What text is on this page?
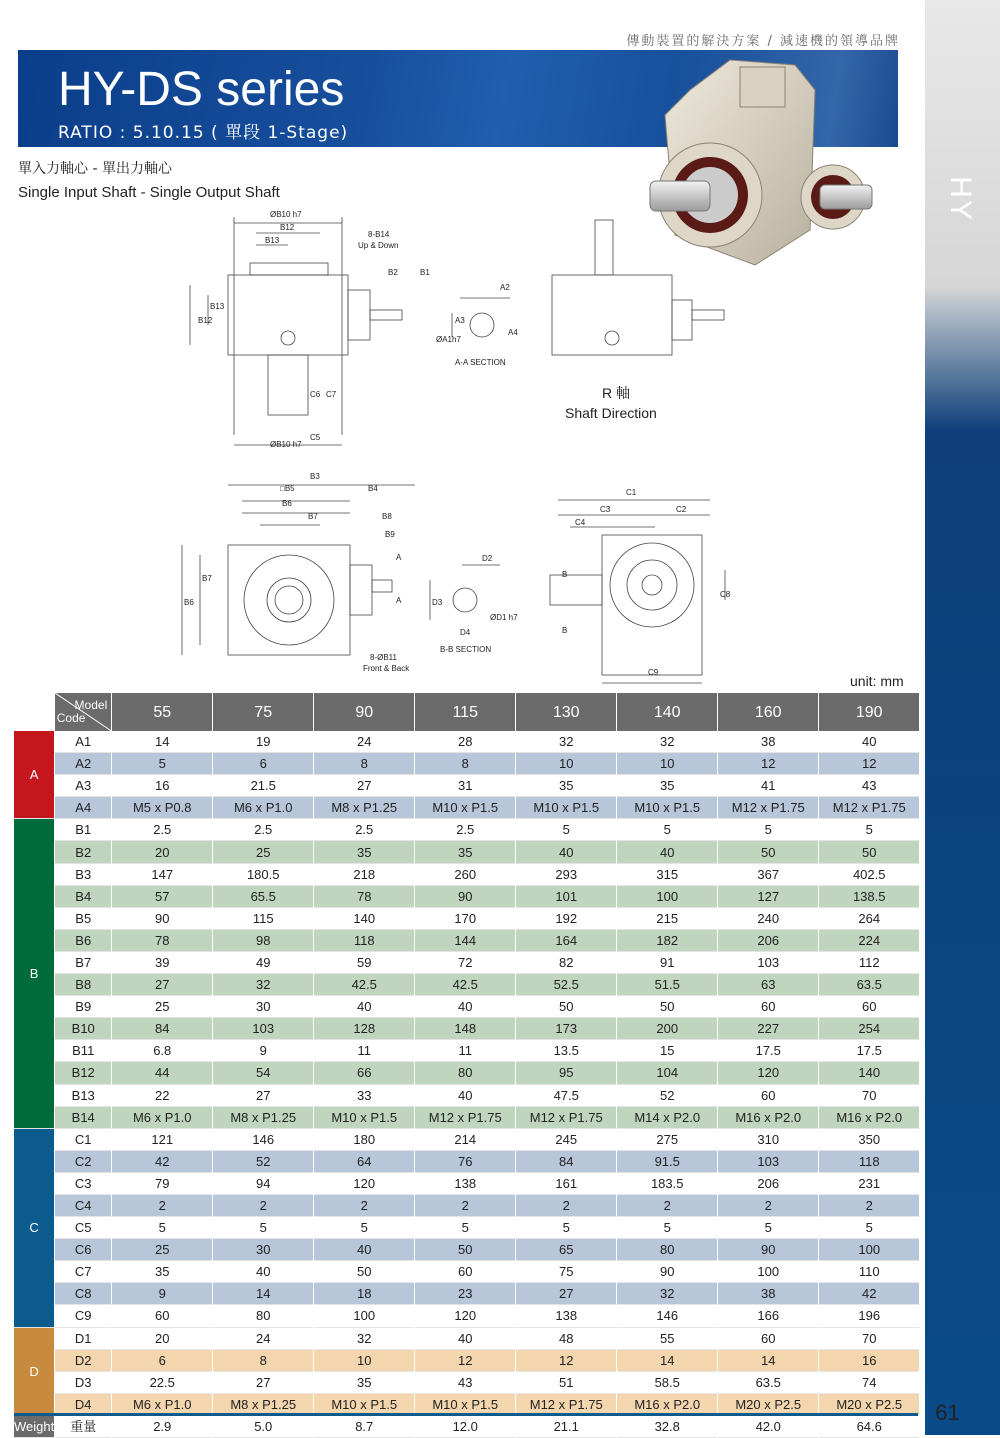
HY
傳動裝置的解決方案 / 減速機的領導品牌
HY-DS series
RATIO : 5.10.15 ( 單段 1-Stage)
單入力軸心 - 單出力軸心
Single Input Shaft - Single Output Shaft
ØB10 h7
B12
B13
8-B14
Up & Down
B2	B1
A2
A3
ØA1h7
A4
A-A SECTION
B12
B13
C6 C7
C5
ØB10 h7
R 軸
Shaft Direction
B3
□B5	B4
B6
B7	B8
B9
A
A
B7
B6
8-ØB11
Front & Back
D2
D3
ØD1 h7
D4
B-B SECTION
C1
C3	C2
C4
B
B
C8
C9
unit: mm

	Model
Code	55	75	90	115	130	140	160	190
A	A1	14	19	24	28	32	32	38	40
	A2	5	6	8	8	10	10	12	12
	A3	16	21.5	27	31	35	35	41	43
	A4	M5 x P0.8	M6 x P1.0	M8 x P1.25	M10 x P1.5	M10 x P1.5	M10 x P1.5	M12 x P1.75	M12 x P1.75
B	B1	2.5	2.5	2.5	2.5	5	5	5	5
	B2	20	25	35	35	40	40	50	50
	B3	147	180.5	218	260	293	315	367	402.5
	B4	57	65.5	78	90	101	100	127	138.5
	B5	90	115	140	170	192	215	240	264
	B6	78	98	118	144	164	182	206	224
	B7	39	49	59	72	82	91	103	112
	B8	27	32	42.5	42.5	52.5	51.5	63	63.5
	B9	25	30	40	40	50	50	60	60
	B10	84	103	128	148	173	200	227	254
	B11	6.8	9	11	11	13.5	15	17.5	17.5
	B12	44	54	66	80	95	104	120	140
	B13	22	27	33	40	47.5	52	60	70
	B14	M6 x P1.0	M8 x P1.25	M10 x P1.5	M12 x P1.75	M12 x P1.75	M14 x P2.0	M16 x P2.0	M16 x P2.0
C	C1	121	146	180	214	245	275	310	350
	C2	42	52	64	76	84	91.5	103	118
	C3	79	94	120	138	161	183.5	206	231
	C4	2	2	2	2	2	2	2	2
	C5	5	5	5	5	5	5	5	5
	C6	25	30	40	50	65	80	90	100
	C7	35	40	50	60	75	90	100	110
	C8	9	14	18	23	27	32	38	42
	C9	60	80	100	120	138	146	166	196
D	D1	20	24	32	40	48	55	60	70
	D2	6	8	10	12	12	14	14	16
	D3	22.5	27	35	43	51	58.5	63.5	74
	D4	M6 x P1.0	M8 x P1.25	M10 x P1.5	M10 x P1.5	M12 x P1.75	M16 x P2.0	M20 x P2.5	M20 x P2.5
Weight	重量	2.9	5.0	8.7	12.0	21.1	32.8	42.0	64.6
61
